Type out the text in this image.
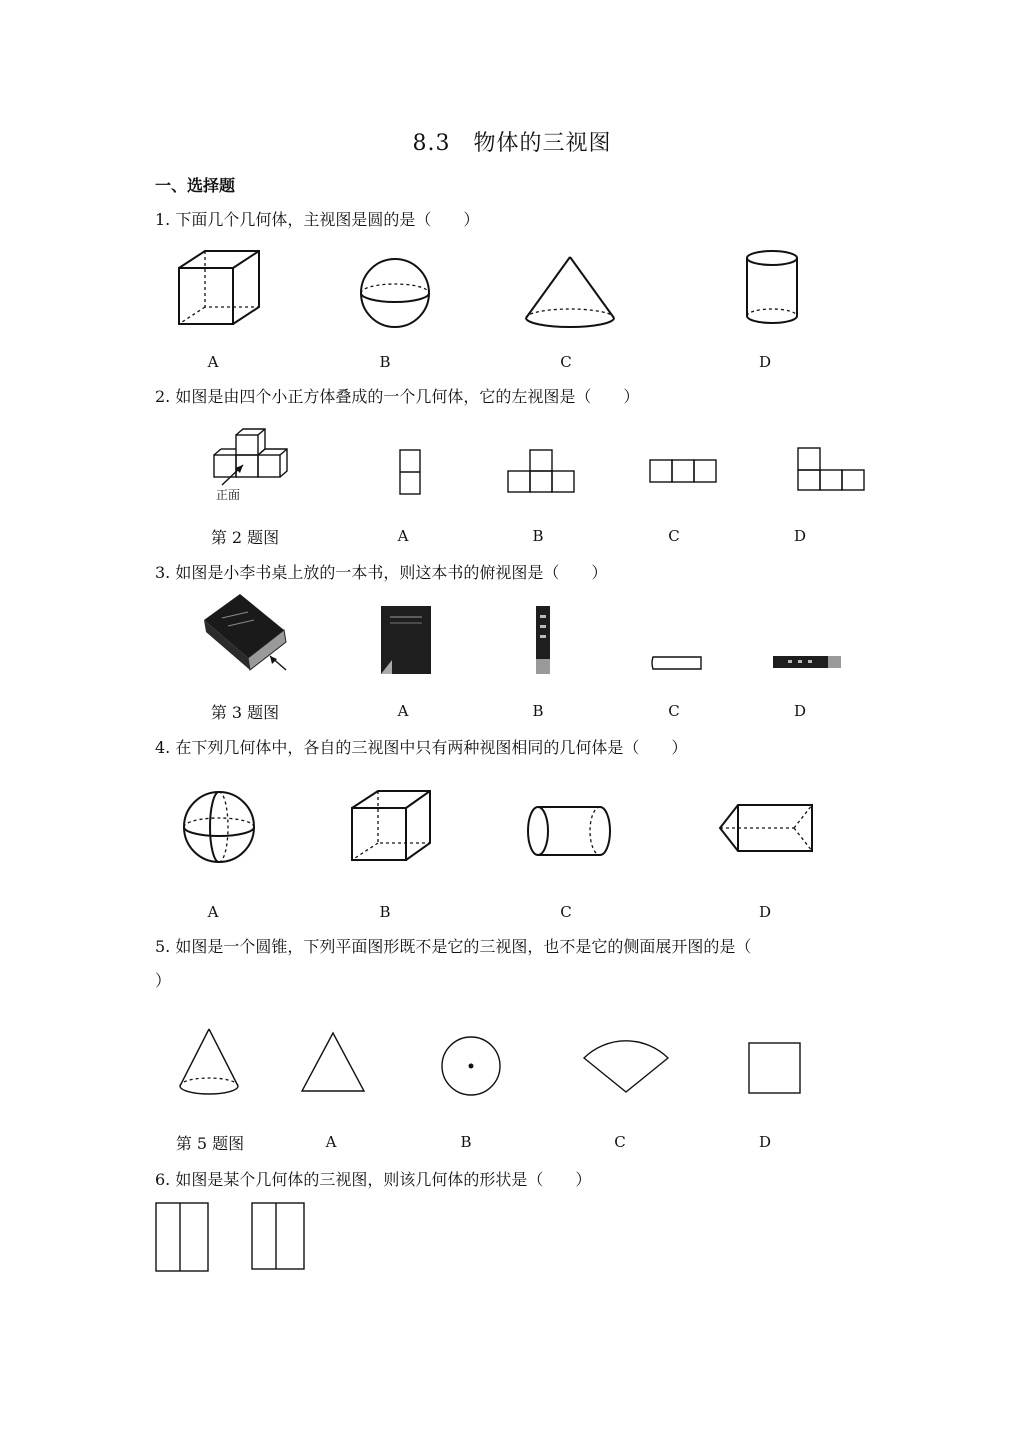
8.3　物体的三视图
一、选择题
1. 下面几个几何体，主视图是圆的是（　　）
A	B	C	D
2. 如图是由四个小正方体叠成的一个几何体，它的左视图是（　　）
正面
第 2 题图	A	B	C	D
3. 如图是小李书桌上放的一本书，则这本书的俯视图是（　　）
第 3 题图	A	B	C	D
4. 在下列几何体中，各自的三视图中只有两种视图相同的几何体是（　　）
A	B	C	D
5. 如图是一个圆锥，下列平面图形既不是它的三视图，也不是它的侧面展开图的是（
）
第 5 题图	A	B	C	D
6. 如图是某个几何体的三视图，则该几何体的形状是（　　）
